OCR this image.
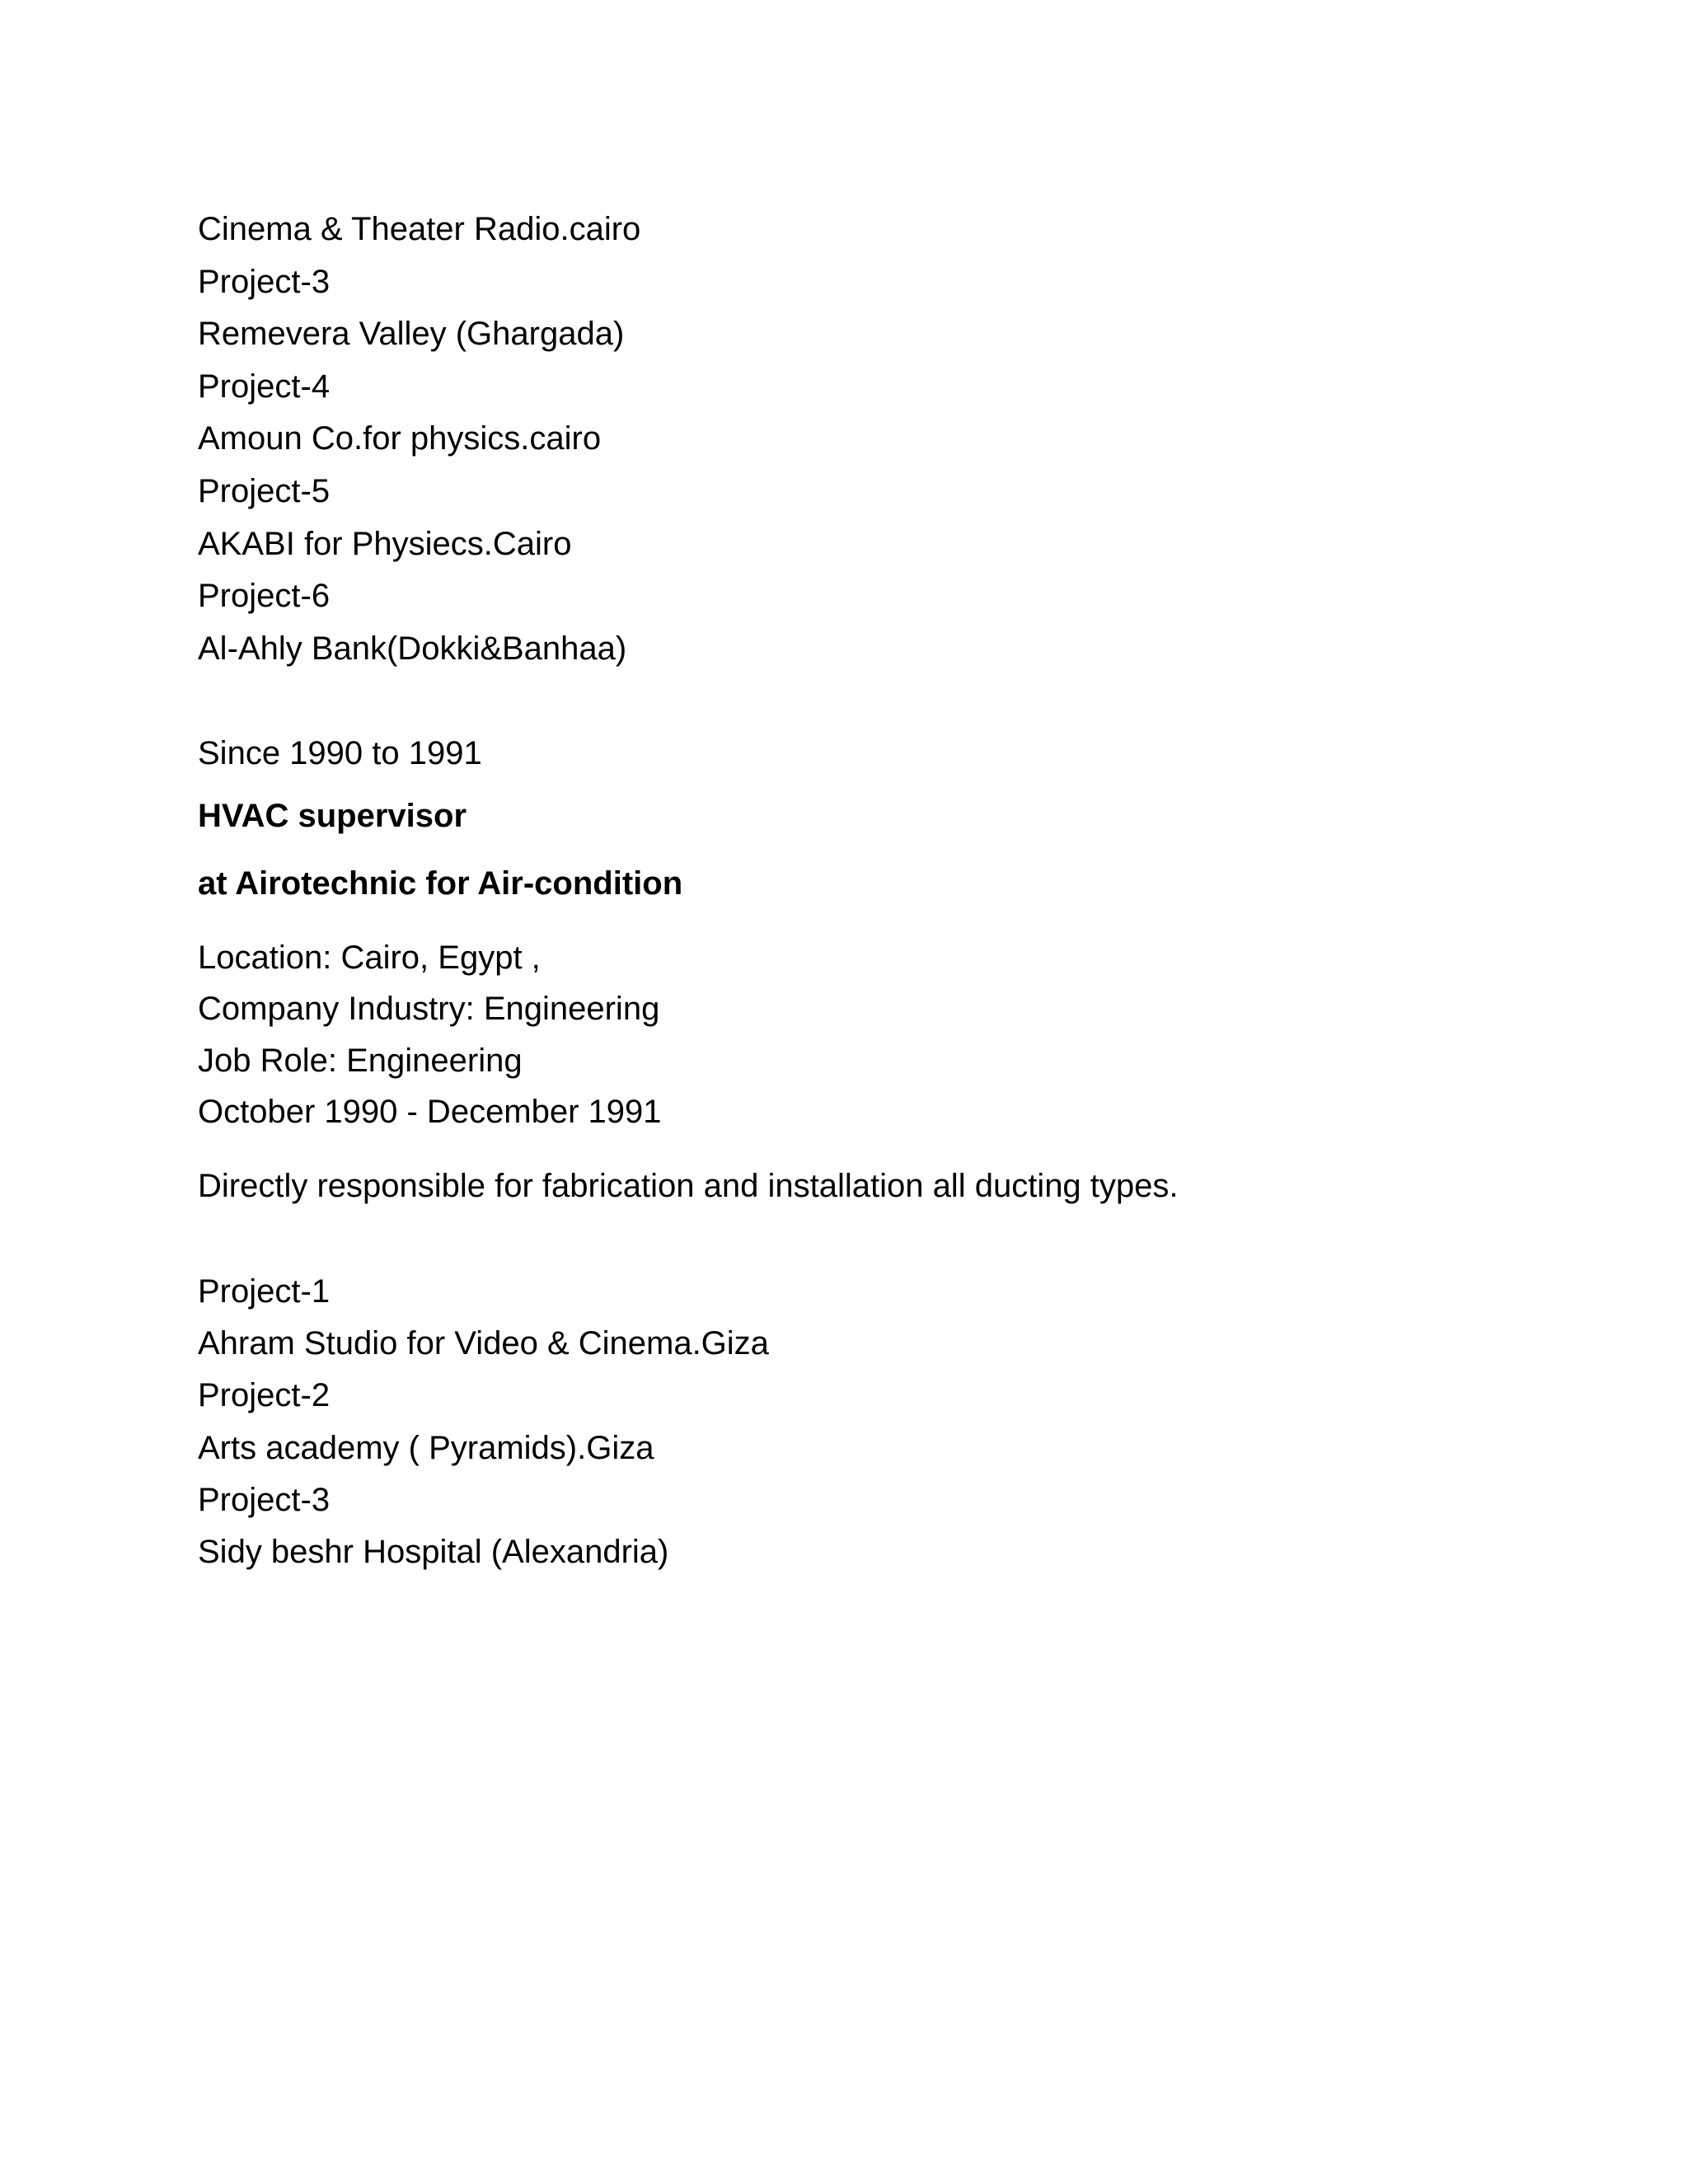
Cinema & Theater Radio.cairo
Project-3
Remevera Valley (Ghargada)
Project-4
Amoun Co.for physics.cairo
Project-5
AKABI for Physiecs.Cairo
Project-6
Al-Ahly Bank(Dokki&Banhaa)
Since 1990 to 1991
HVAC supervisor
at Airotechnic for Air-condition
Location: Cairo, Egypt ,
Company Industry: Engineering
Job Role: Engineering
October 1990 - December 1991
Directly responsible for fabrication and installation all ducting types.
Project-1
Ahram Studio for Video & Cinema.Giza
Project-2
Arts academy ( Pyramids).Giza
Project-3
Sidy beshr Hospital (Alexandria)
